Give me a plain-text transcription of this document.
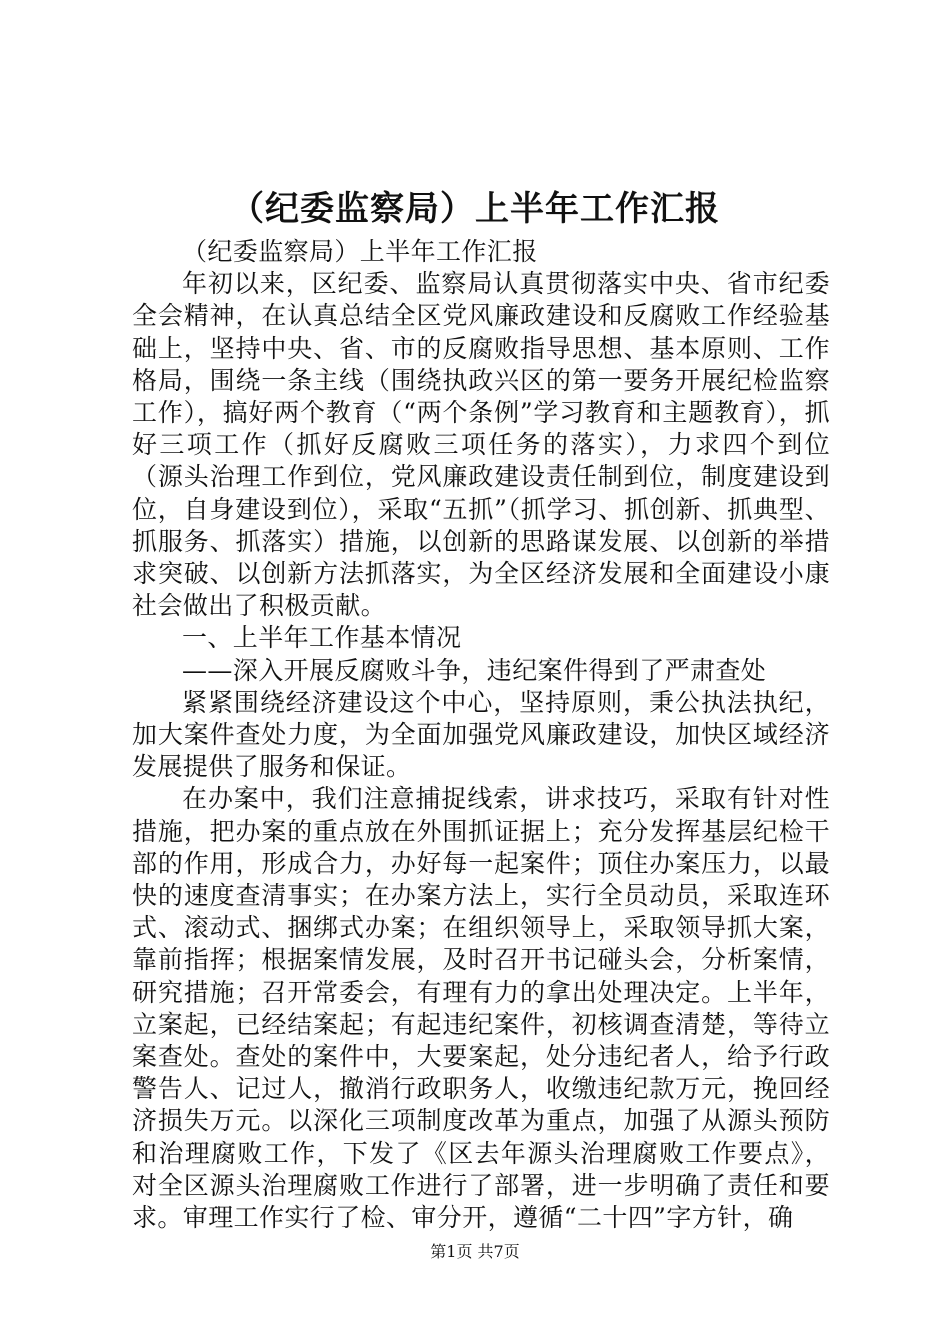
（纪委监察局）上半年工作汇报

（纪委监察局）上半年工作汇报

年初以来，区纪委、监察局认真贯彻落实中央、省市纪委全会精神，在认真总结全区党风廉政建设和反腐败工作经验基础上，坚持中央、省、市的反腐败指导思想、基本原则、工作格局，围绕一条主线（围绕执政兴区的第一要务开展纪检监察工作），搞好两个教育（“两个条例”学习教育和主题教育），抓好三项工作（抓好反腐败三项任务的落实），力求四个到位（源头治理工作到位，党风廉政建设责任制到位，制度建设到位，自身建设到位），采取“五抓”（抓学习、抓创新、抓典型、抓服务、抓落实）措施，以创新的思路谋发展、以创新的举措求突破、以创新方法抓落实，为全区经济发展和全面建设小康社会做出了积极贡献。

一、上半年工作基本情况

——深入开展反腐败斗争，违纪案件得到了严肃查处

紧紧围绕经济建设这个中心，坚持原则，秉公执法执纪，加大案件查处力度，为全面加强党风廉政建设，加快区域经济发展提供了服务和保证。

在办案中，我们注意捕捉线索，讲求技巧，采取有针对性措施，把办案的重点放在外围抓证据上；充分发挥基层纪检干部的作用，形成合力，办好每一起案件；顶住办案压力，以最快的速度查清事实；在办案方法上，实行全员动员，采取连环式、滚动式、捆绑式办案；在组织领导上，采取领导抓大案，靠前指挥；根据案情发展，及时召开书记碰头会，分析案情，研究措施；召开常委会，有理有力的拿出处理决定。上半年，立案起，已经结案起；有起违纪案件，初核调查清楚，等待立案查处。查处的案件中，大要案起，处分违纪者人，给予行政警告人、记过人，撤消行政职务人，收缴违纪款万元，挽回经济损失万元。以深化三项制度改革为重点，加强了从源头预防和治理腐败工作，下发了《区去年源头治理腐败工作要点》，对全区源头治理腐败工作进行了部署，进一步明确了责任和要求。审理工作实行了检、审分开，遵循“二十四”字方针，确

第1页 共7页
